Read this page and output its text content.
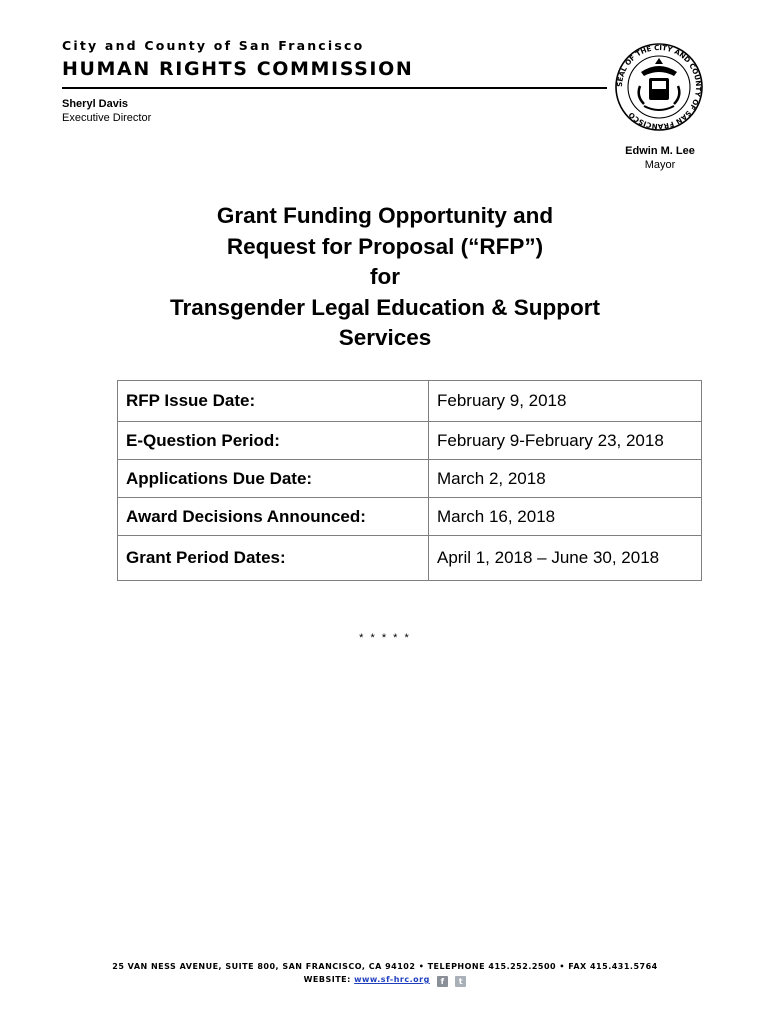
City and County of San Francisco
HUMAN RIGHTS COMMISSION
Sheryl Davis
Executive Director
SEAL OF THE CITY AND COUNTY OF SAN FRANCISCO
Edwin M. Lee
Mayor
Grant Funding Opportunity and
Request for Proposal (“RFP”)
for
Transgender Legal Education & Support
Services
RFP Issue Date:	February 9, 2018
E-Question Period:	February 9-February 23, 2018
Applications Due Date:	March 2, 2018
Award Decisions Announced:	March 16, 2018
Grant Period Dates:	April 1, 2018 – June 30, 2018
* * * * *
25 VAN NESS AVENUE, SUITE 800, SAN FRANCISCO, CA 94102 • TELEPHONE 415.252.2500 • FAX 415.431.5764
WEBSITE: www.sf-hrc.org f t
